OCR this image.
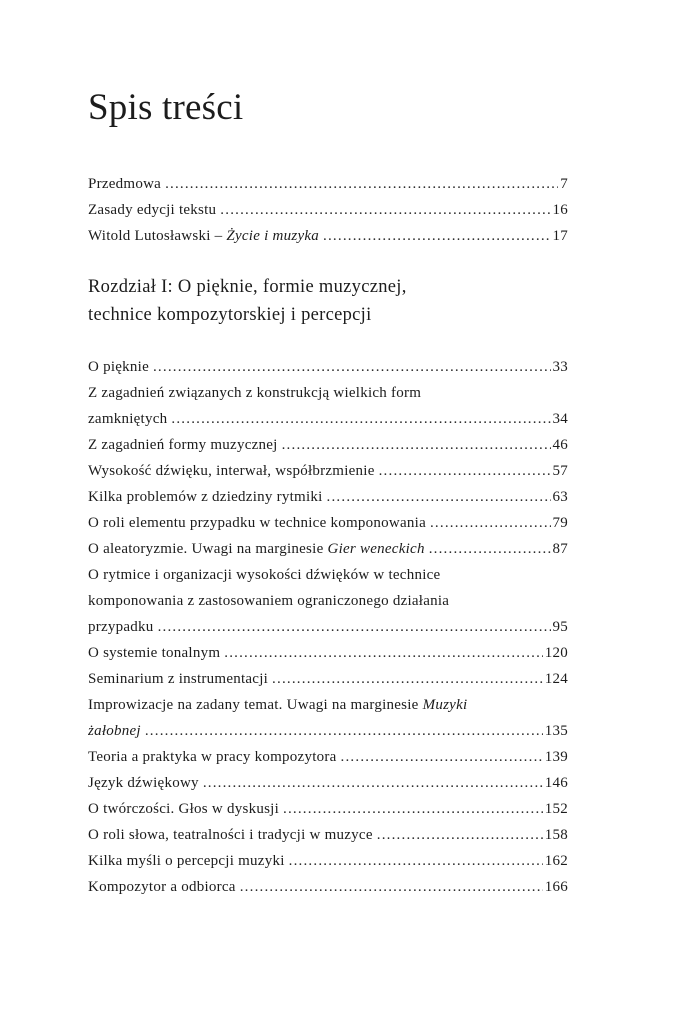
Spis treści
Przedmowa .....	7
Zasady edycji tekstu .....	16
Witold Lutosławski – Życie i muzyka .....	17
Rozdział I: O pięknie, formie muzycznej,
technice kompozytorskiej i percepcji
O pięknie .....	33
Z zagadnień związanych z konstrukcją wielkich form
zamkniętych .....	34
Z zagadnień formy muzycznej .....	46
Wysokość dźwięku, interwał, współbrzmienie .....	57
Kilka problemów z dziedziny rytmiki .....	63
O roli elementu przypadku w technice komponowania .....	79
O aleatoryzmie. Uwagi na marginesie Gier weneckich .....	87
O rytmice i organizacji wysokości dźwięków w technice
komponowania z zastosowaniem ograniczonego działania
przypadku .....	95
O systemie tonalnym .....	120
Seminarium z instrumentacji .....	124
Improwizacje na zadany temat. Uwagi na marginesie Muzyki
żałobnej .....	135
Teoria a praktyka w pracy kompozytora .....	139
Język dźwiękowy .....	146
O twórczości. Głos w dyskusji .....	152
O roli słowa, teatralności i tradycji w muzyce .....	158
Kilka myśli o percepcji muzyki .....	162
Kompozytor a odbiorca .....	166
